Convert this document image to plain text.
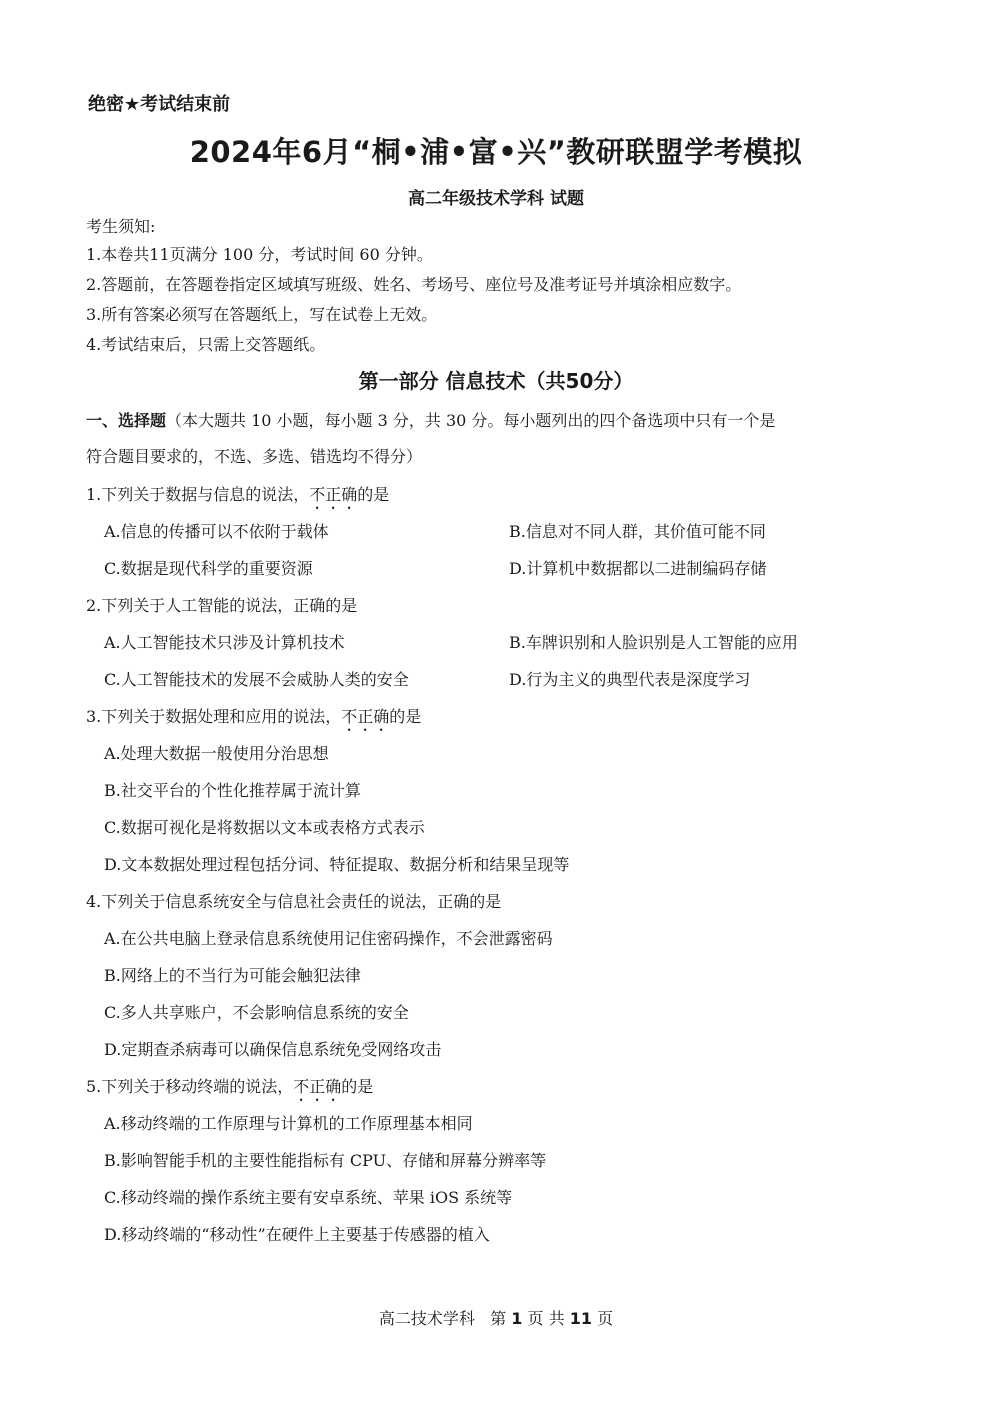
绝密★考试结束前
2024年6月“桐•浦•富•兴”教研联盟学考模拟
高二年级技术学科 试题
考生须知:
1.本卷共11页满分 100 分，考试时间 60 分钟。
2.答题前，在答题卷指定区域填写班级、姓名、考场号、座位号及准考证号并填涂相应数字。
3.所有答案必须写在答题纸上，写在试卷上无效。
4.考试结束后，只需上交答题纸。
第一部分 信息技术（共50分）
一、选择题（本大题共 10 小题，每小题 3 分，共 30 分。每小题列出的四个备选项中只有一个是
符合题目要求的，不选、多选、错选均不得分）
1.下列关于数据与信息的说法，不正确的是
A.信息的传播可以不依附于载体	B.信息对不同人群，其价值可能不同
C.数据是现代科学的重要资源	D.计算机中数据都以二进制编码存储
2.下列关于人工智能的说法，正确的是
A.人工智能技术只涉及计算机技术	B.车牌识别和人脸识别是人工智能的应用
C.人工智能技术的发展不会威胁人类的安全	D.行为主义的典型代表是深度学习
3.下列关于数据处理和应用的说法，不正确的是
A.处理大数据一般使用分治思想
B.社交平台的个性化推荐属于流计算
C.数据可视化是将数据以文本或表格方式表示
D.文本数据处理过程包括分词、特征提取、数据分析和结果呈现等
4.下列关于信息系统安全与信息社会责任的说法，正确的是
A.在公共电脑上登录信息系统使用记住密码操作，不会泄露密码
B.网络上的不当行为可能会触犯法律
C.多人共享账户，不会影响信息系统的安全
D.定期查杀病毒可以确保信息系统免受网络攻击
5.下列关于移动终端的说法，不正确的是
A.移动终端的工作原理与计算机的工作原理基本相同
B.影响智能手机的主要性能指标有 CPU、存储和屏幕分辨率等
C.移动终端的操作系统主要有安卓系统、苹果 iOS 系统等
D.移动终端的“移动性”在硬件上主要基于传感器的植入
高二技术学科 第 1 页 共 11 页
